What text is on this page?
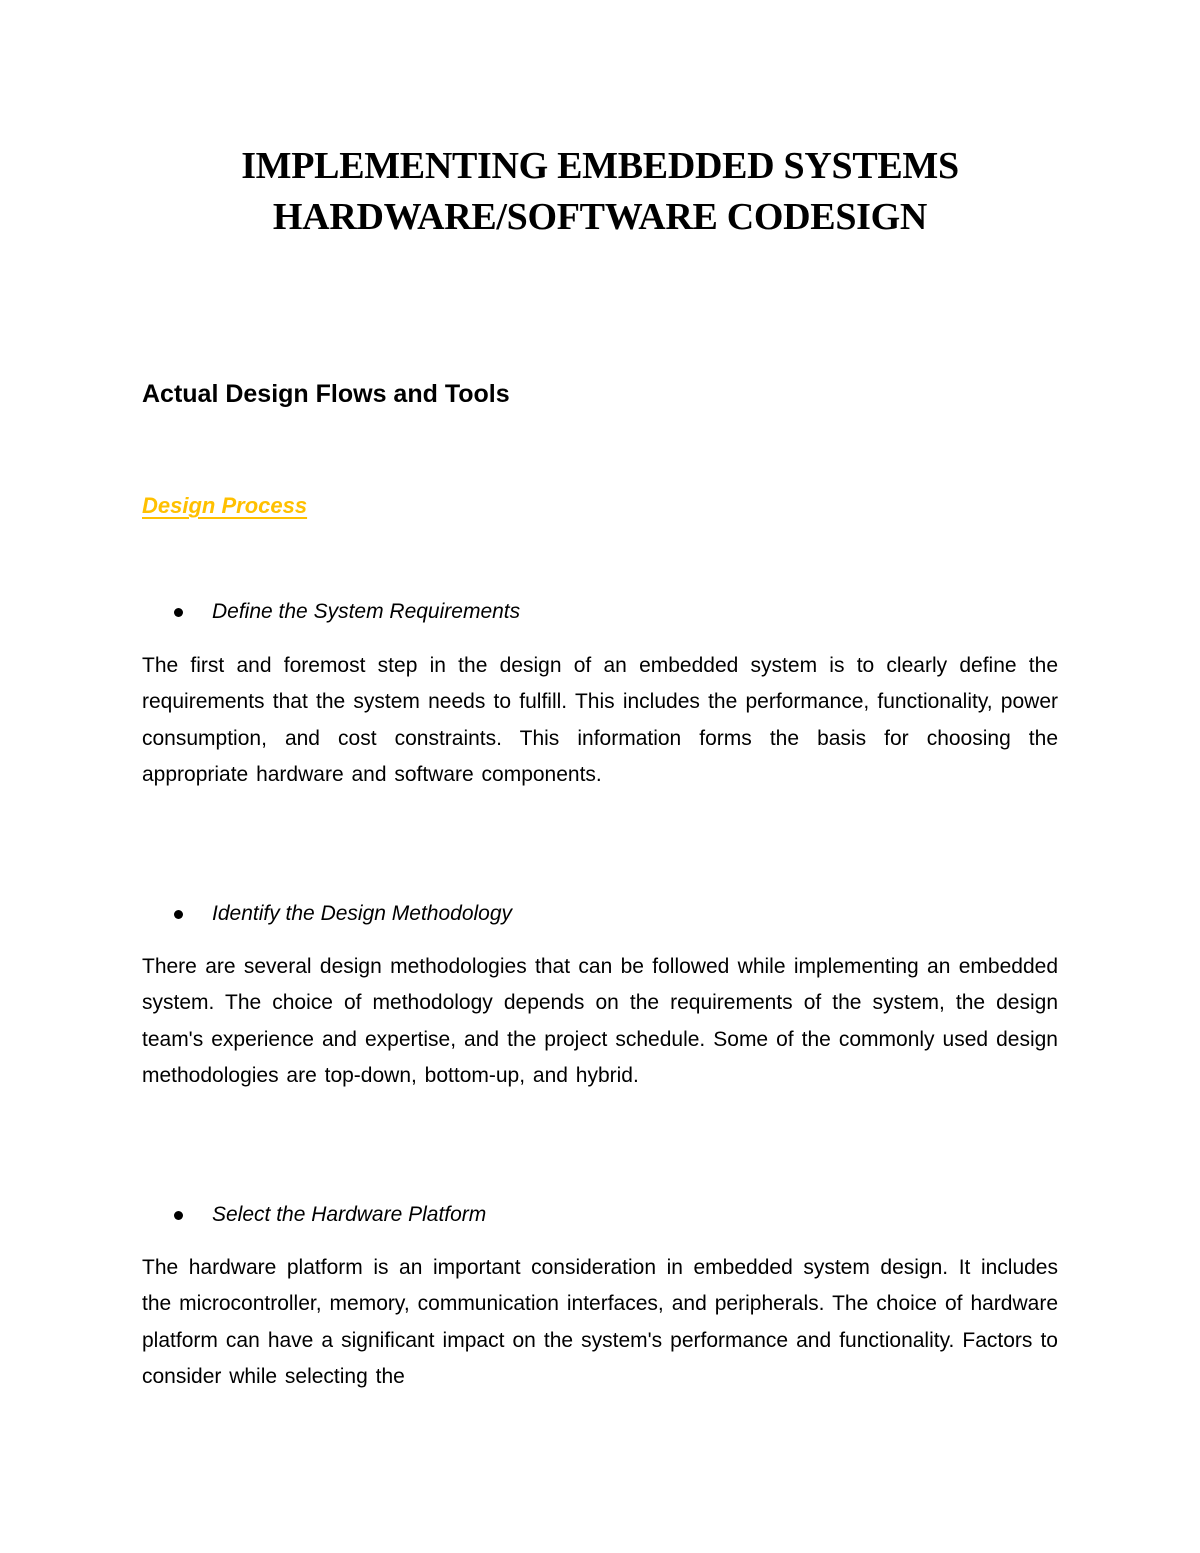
IMPLEMENTING EMBEDDED SYSTEMS
HARDWARE/SOFTWARE CODESIGN
Actual Design Flows and Tools
Design Process
Define the System Requirements
The first and foremost step in the design of an embedded system is to clearly define the requirements that the system needs to fulfill. This includes the performance, functionality, power consumption, and cost constraints. This information forms the basis for choosing the appropriate hardware and software components.
Identify the Design Methodology
There are several design methodologies that can be followed while implementing an embedded system. The choice of methodology depends on the requirements of the system, the design team's experience and expertise, and the project schedule. Some of the commonly used design methodologies are top-down, bottom-up, and hybrid.
Select the Hardware Platform
The hardware platform is an important consideration in embedded system design. It includes the microcontroller, memory, communication interfaces, and peripherals. The choice of hardware platform can have a significant impact on the system's performance and functionality. Factors to consider while selecting the
